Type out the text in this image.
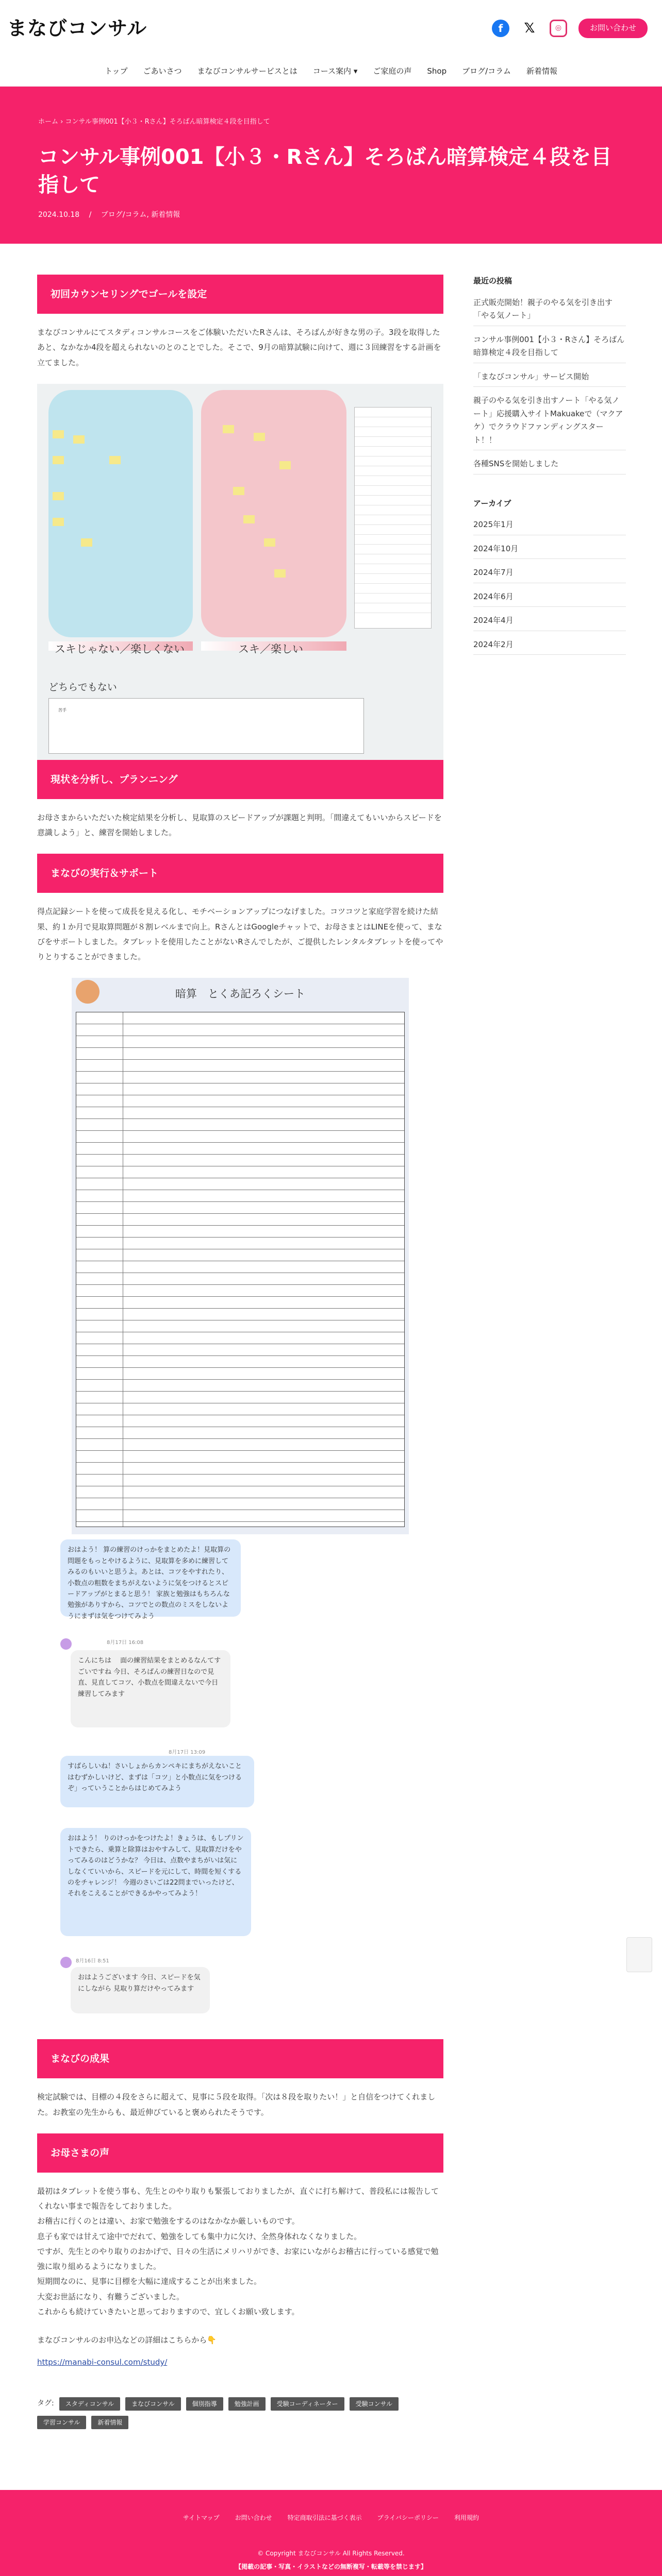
まなびコンサル	f	𝕏	◎	お問い合わせ
トップ ごあいさつ まなびコンサルサービスとは コース案内 ▾ ご家庭の声 Shop ブログ/コラム 新着情報
ホーム › コンサル事例001【小３・Rさん】そろばん暗算検定４段を目指して
コンサル事例001【小３・Rさん】そろばん暗算検定４段を目指して
2024.10.18 　/　 ブログ/コラム, 新着情報
初回カウンセリングでゴールを設定

まなびコンサルにてスタディコンサルコースをご体験いただいたRさんは、そろばんが好きな男の子。3段を取得したあと、なかなか4段を超えられないのとのことでした。そこで、9月の暗算試験に向けて、週に３回練習をする計画を立てました。

スキじゃない／楽しくない	スキ／楽しい
どちらでもない
苦手
現状を分析し、プランニング

お母さまからいただいた検定結果を分析し、見取算のスピードアップが課題と判明。「間違えてもいいからスピードを意識しよう」と、練習を開始しました。

まなびの実行＆サポート

得点記録シートを使って成長を見える化し、モチベーションアップにつなげました。コツコツと家庭学習を続けた結果、約１か月で見取算問題が８割レベルまで向上。RさんとはGoogleチャットで、お母さまとはLINEを使って、まなびをサポートしました。タブレットを使用したことがないRさんでしたが、ご提供したレンタルタブレットを使ってやりとりすることができました。

暗算　とくあ記ろくシート
おはよう！ 算の練習のけっかをまとめたよ！見取算の問題をもっとやけるように、見取算を多めに練習してみるのもいいと思うよ。あとは、コツをやすれたり、小数点の粗数をまちがえないように気をつけるとスピードアップがとまると思う！ 家族と勉強はもちろんな勉強がありすから、コツでとの数点のミスをしないようにまずは気をつけてみよう
8月17日 16:08
こんにちは 　面の練習結果をまとめるなんてすごいですね 今日、そろばんの練習日なので見直、見直してコツ、小数点を間違えないで今日練習してみます
8月17日 13:09
すばらしいね！さいしょからカンペキにまちがえないことはむずかしいけど、まずは「コツ」と小数点に気をつけるぞ」っていうことからはじめてみよう
おはよう！ りのけっかをつけたよ！きょうは、もしプリントできたら、乗算と除算はおやすみして、見取算だけをやってみるのはどうかな？ 今日は、点数やまちがいは気にしなくていいから、スピードを元にして、時間を短くするのをチャレンジ！ 今週のさいごは22問までいったけど、それをこえることができるかやってみよう！
8月16日 8:51
おはようございます 今日、スピードを気にしながら 見取り算だけやってみます
まなびの成果

検定試験では、目標の４段をさらに超えて、見事に５段を取得。「次は８段を取りたい！」と自信をつけてくれました。お教室の先生からも、最近伸びていると褒められたそうです。

お母さまの声
最初はタブレットを使う事も、先生とのやり取りも緊張しておりましたが、直ぐに打ち解けて、普段私には報告してくれない事まで報告をしておりました。
お稽古に行くのとは違い、お家で勉強をするのはなかなか厳しいものです。
息子も家では甘えて途中でだれて、勉強をしても集中力に欠け、全然身体れなくなりました。
ですが、先生とのやり取りのおかげで、日々の生活にメリハリができ、お家にいながらお稽古に行っている感覚で勉強に取り組めるようになりました。
短期間なのに、見事に目標を大幅に達成することが出来ました。
大変お世話になり、有難うございました。
これからも続けていきたいと思っておりますので、宜しくお願い致します。
まなびコンサルのお申込などの詳細はこちらから👇
https://manabi-consul.com/study/
タグ:	スタディコンサル	まなびコンサル	個別指導	勉強計画	受験コーディネーター	受験コンサル
学習コンサル	新着情報
最近の投稿
正式販売開始！親子のやる気を引き出す「やる気ノート」
コンサル事例001【小３・Rさん】そろばん暗算検定４段を目指して
「まなびコンサル」サービス開始
親子のやる気を引き出すノート「やる気ノート」応援購入サイトMakuakeで（マクアケ）でクラウドファンディングスタート！！
各種SNSを開始しました
アーカイブ
2025年1月
2024年10月
2024年7月
2024年6月
2024年4月
2024年2月
サイトマップ	お問い合わせ	特定商取引法に基づく表示	プライバシーポリシー	利用規約
© Copyright まなびコンサル All Rights Reserved.
【掲載の記事・写真・イラストなどの無断複写・転載等を禁じます】
